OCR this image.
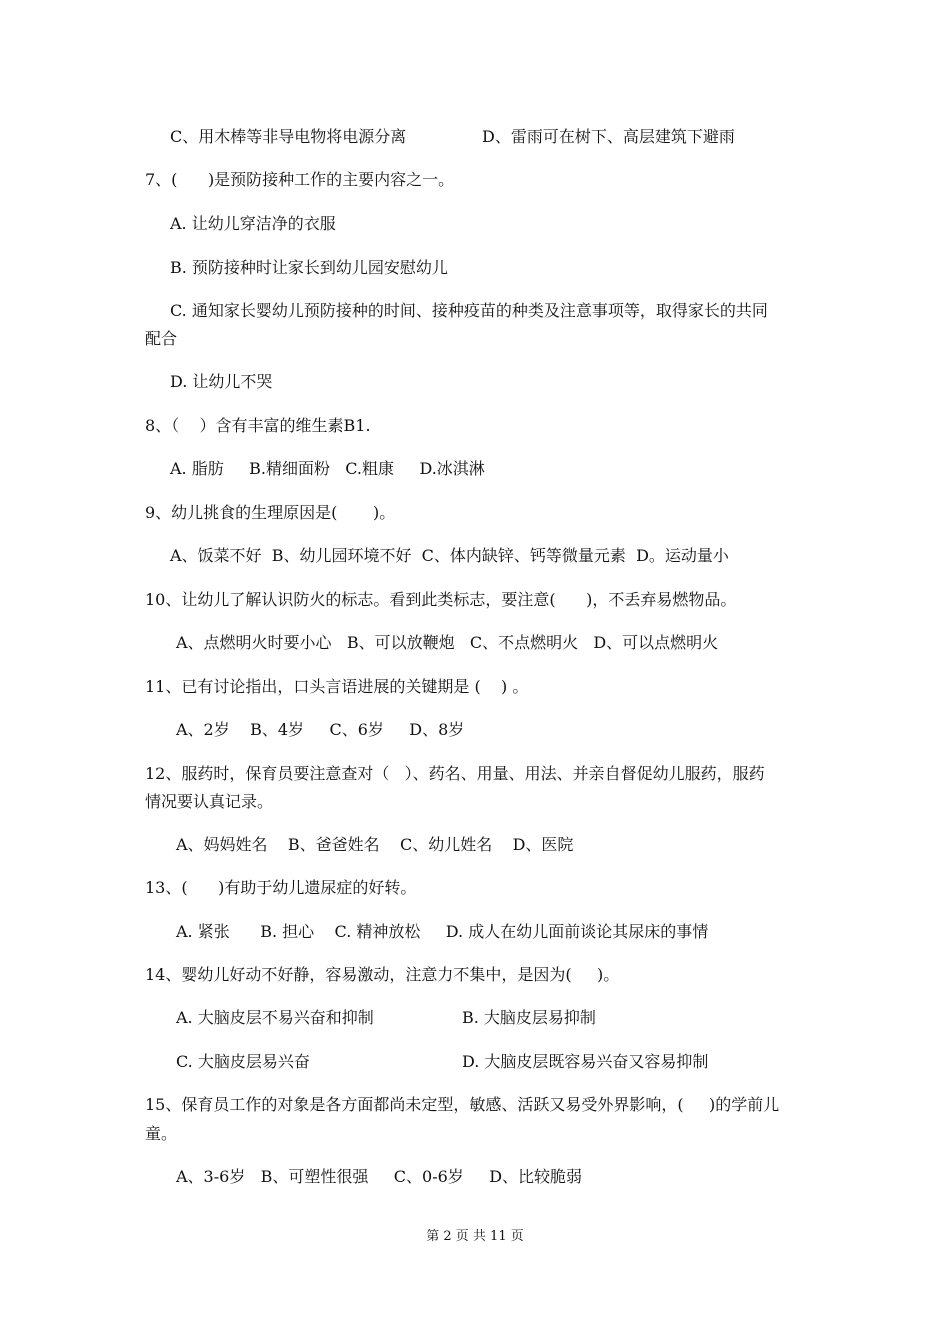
C、用木棒等非导电物将电源分离	D、雷雨可在树下、高层建筑下避雨
7、(      )是预防接种工作的主要内容之一。
A. 让幼儿穿洁净的衣服
B. 预防接种时让家长到幼儿园安慰幼儿
C. 通知家长婴幼儿预防接种的时间、接种疫苗的种类及注意事项等，取得家长的共同
配合
D. 让幼儿不哭
8、（    ）含有丰富的维生素B1.
A. 脂肪     B.精细面粉   C.粗康     D.冰淇淋
9、幼儿挑食的生理原因是(       )。
A、饭菜不好  B、幼儿园环境不好  C、体内缺锌、钙等微量元素  D。运动量小
10、让幼儿了解认识防火的标志。看到此类标志，要注意(      )，不丢弃易燃物品。
A、点燃明火时要小心   B、可以放鞭炮   C、不点燃明火   D、可以点燃明火
11、已有讨论指出，口头言语进展的关键期是 (    ) 。
A、2岁    B、4岁     C、6岁     D、8岁
12、服药时，保育员要注意查对（   ）、药名、用量、用法、并亲自督促幼儿服药，服药
情况要认真记录。
A、妈妈姓名    B、爸爸姓名    C、幼儿姓名    D、医院
13、(      )有助于幼儿遗尿症的好转。
A. 紧张      B. 担心    C. 精神放松     D. 成人在幼儿面前谈论其尿床的事情
14、婴幼儿好动不好静，容易激动，注意力不集中，是因为(     )。
A. 大脑皮层不易兴奋和抑制	B. 大脑皮层易抑制
C. 大脑皮层易兴奋	D. 大脑皮层既容易兴奋又容易抑制
15、保育员工作的对象是各方面都尚未定型，敏感、活跃又易受外界影响，(     )的学前儿
童。
A、3-6岁   B、可塑性很强     C、0-6岁     D、比较脆弱
第 2 页 共 11 页
